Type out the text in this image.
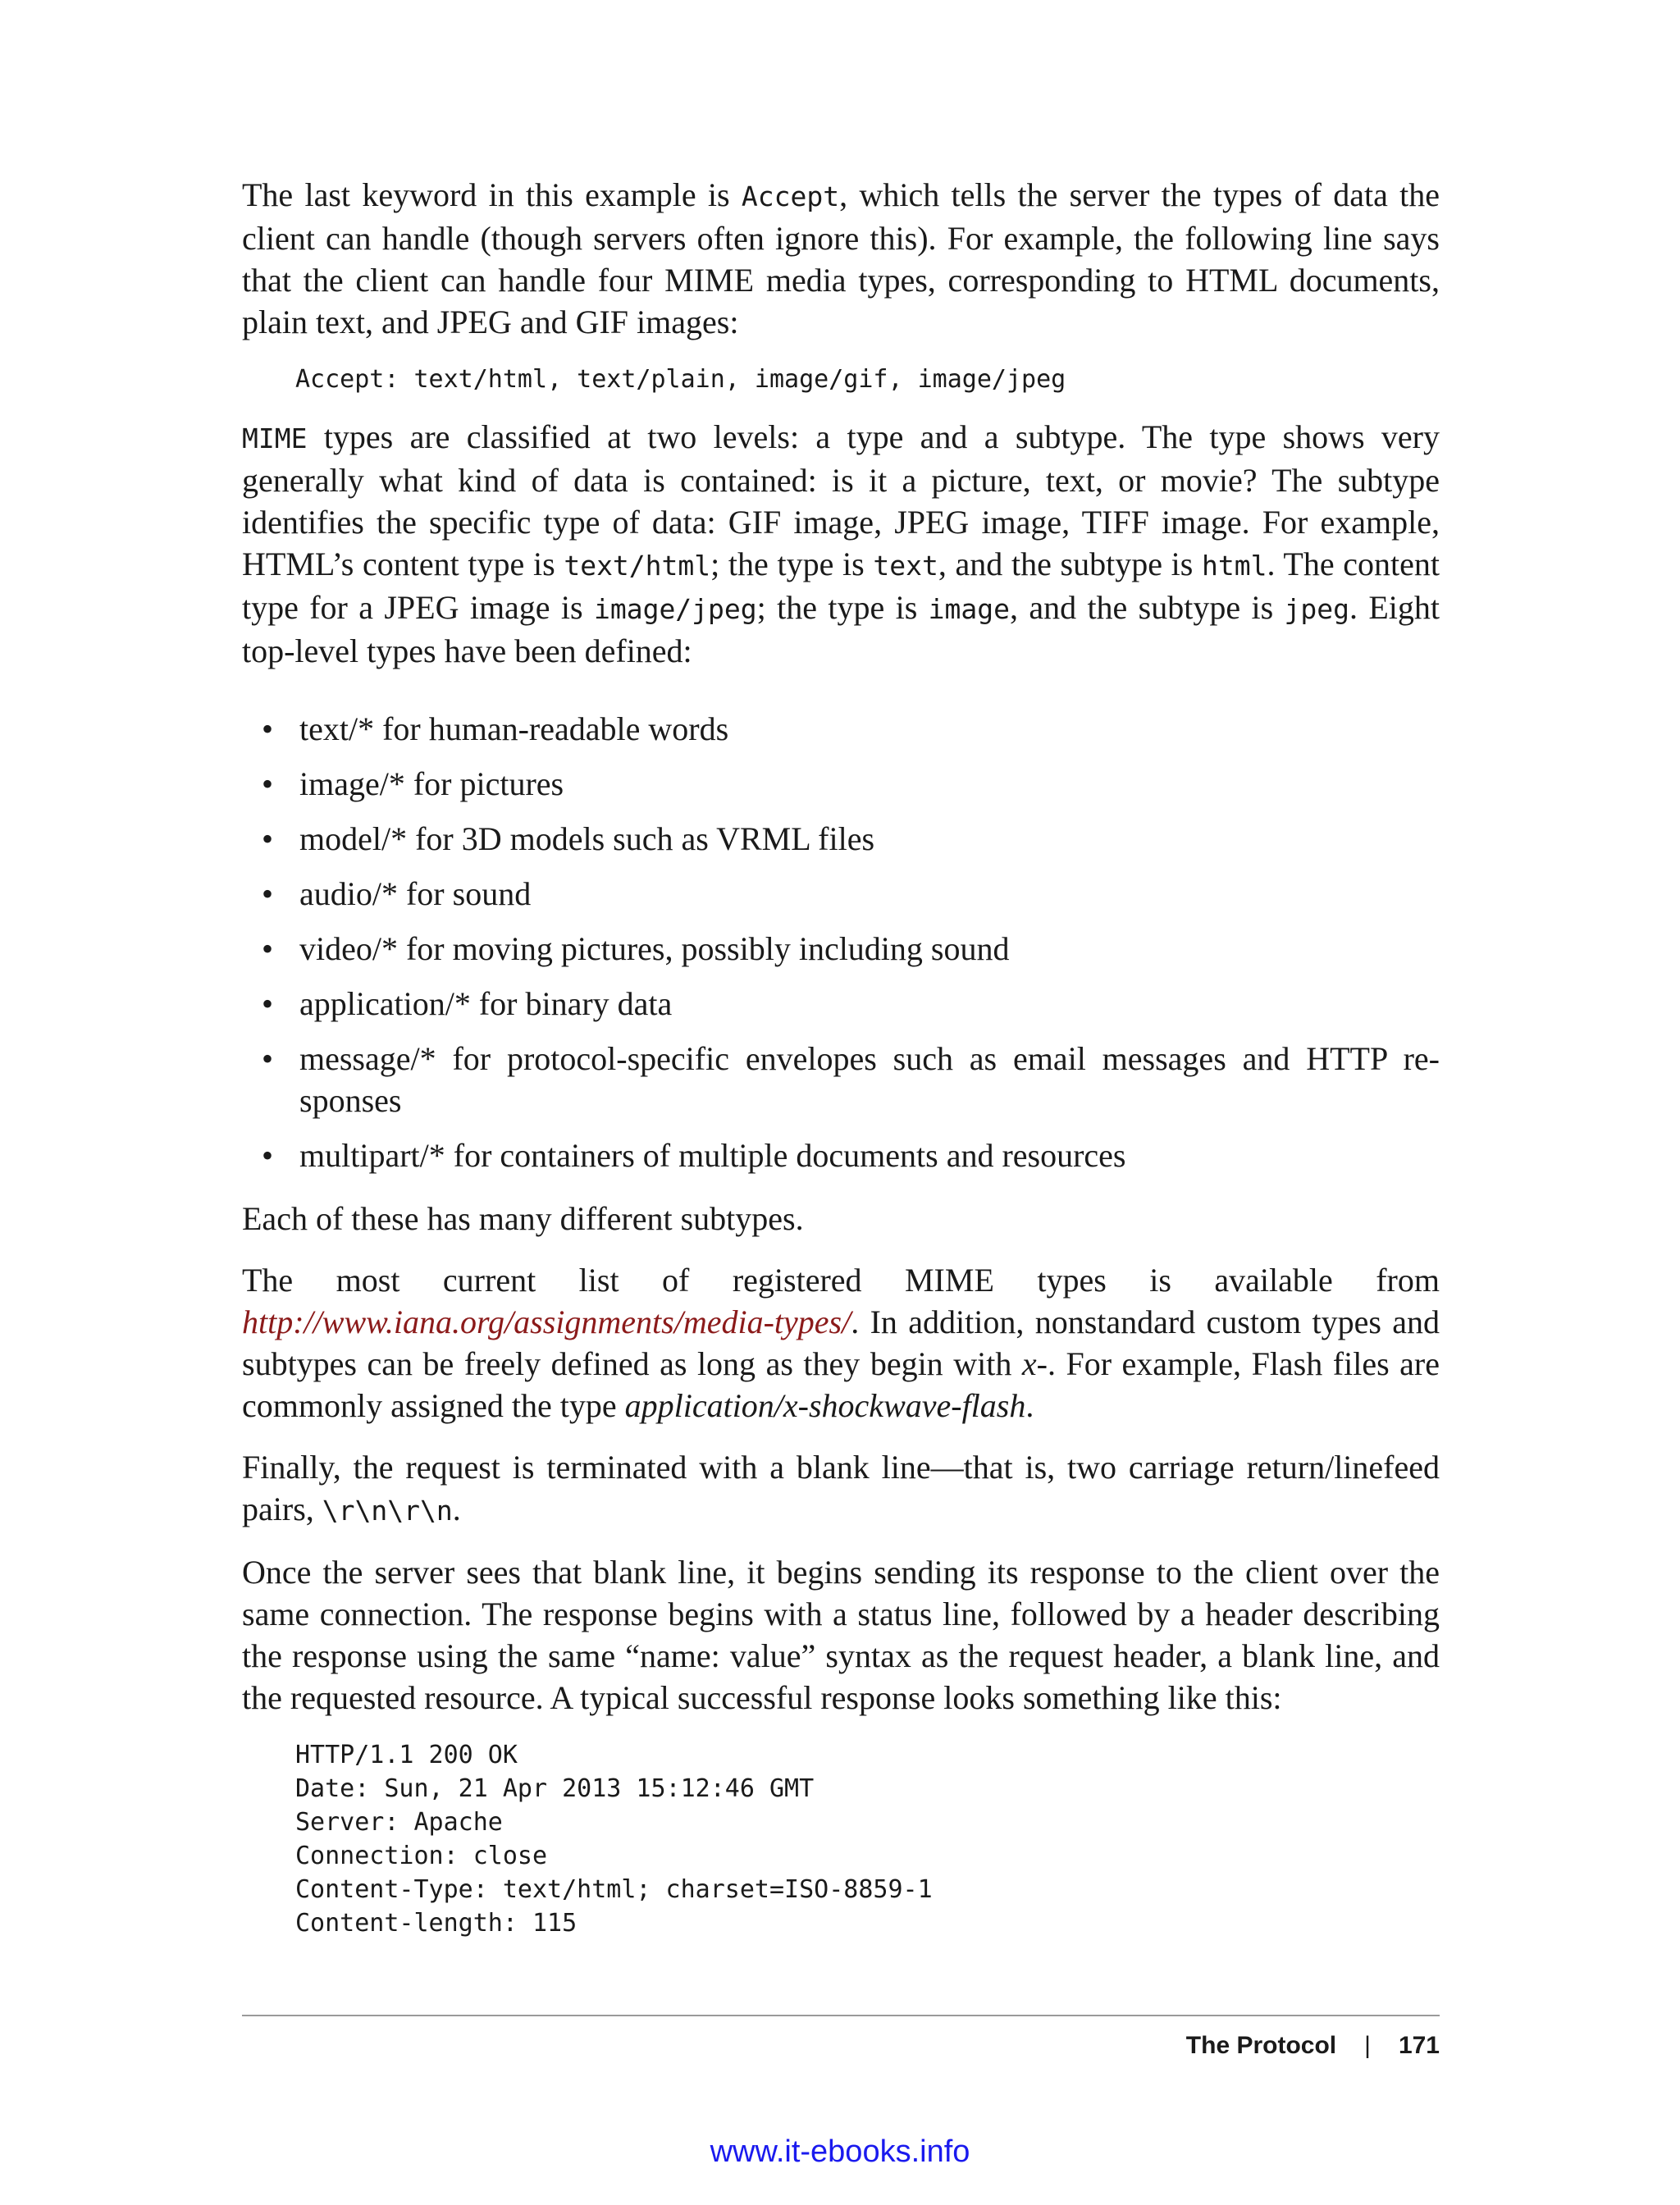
The last keyword in this example is Accept, which tells the server the types of data the client can handle (though servers often ignore this). For example, the following line says that the client can handle four MIME media types, corresponding to HTML documents, plain text, and JPEG and GIF images:

Accept: text/html, text/plain, image/gif, image/jpeg

MIME types are classified at two levels: a type and a subtype. The type shows very generally what kind of data is contained: is it a picture, text, or movie? The subtype identifies the specific type of data: GIF image, JPEG image, TIFF image. For example, HTML’s content type is text/html; the type is text, and the subtype is html. The content type for a JPEG image is image/jpeg; the type is image, and the subtype is jpeg. Eight top-level types have been defined:

• text/* for human-readable words
• image/* for pictures
• model/* for 3D models such as VRML files
• audio/* for sound
• video/* for moving pictures, possibly including sound
• application/* for binary data
• message/* for protocol-specific envelopes such as email messages and HTTP re-sponses
• multipart/* for containers of multiple documents and resources

Each of these has many different subtypes.

The most current list of registered MIME types is available from http://www.iana.org/assignments/media-types/. In addition, nonstandard custom types and subtypes can be freely defined as long as they begin with x-. For example, Flash files are commonly assigned the type application/x-shockwave-flash.

Finally, the request is terminated with a blank line—that is, two carriage return/linefeed pairs, \r\n\r\n.

Once the server sees that blank line, it begins sending its response to the client over the same connection. The response begins with a status line, followed by a header describing the response using the same “name: value” syntax as the request header, a blank line, and the requested resource. A typical successful response looks something like this:

HTTP/1.1 200 OK
Date: Sun, 21 Apr 2013 15:12:46 GMT
Server: Apache
Connection: close
Content-Type: text/html; charset=ISO-8859-1
Content-length: 115
The Protocol | 171
www.it-ebooks.info
